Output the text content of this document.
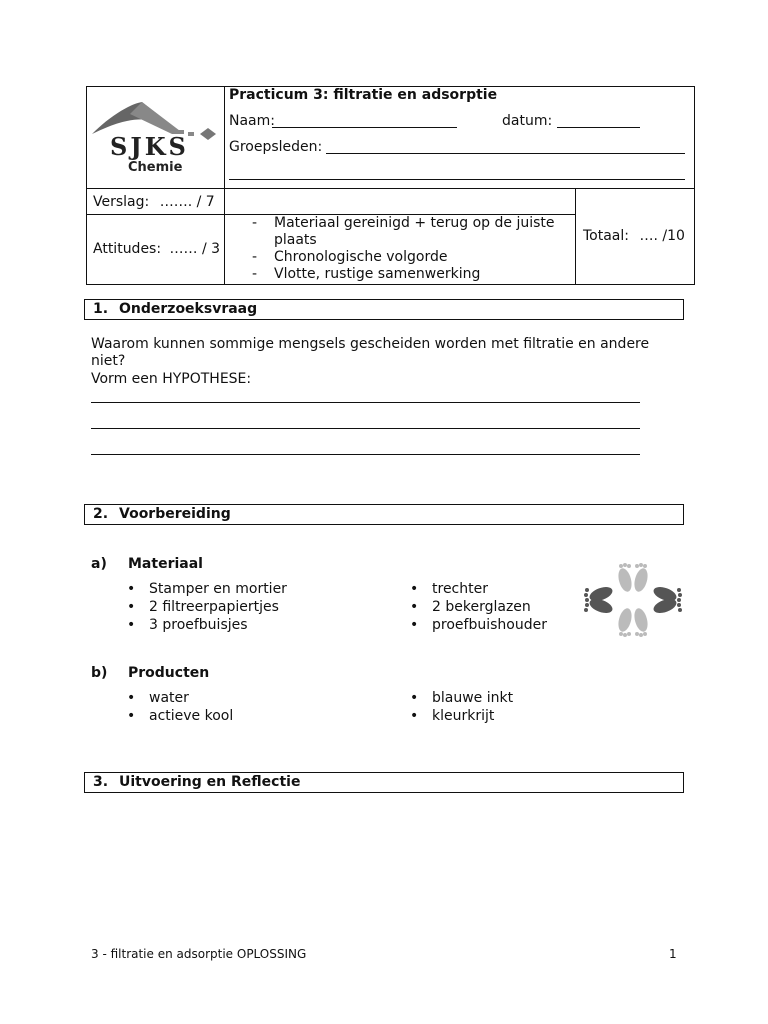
SJKS
Chemie
Practicum 3: filtratie en adsorptie
Naam:	datum:
Groepsleden:
Verslag: ……. / 7
Attitudes: …… / 3
- Materiaal gereinigd + terug op de juiste plaats
- Chronologische volgorde
- Vlotte, rustige samenwerking
Totaal: …. /10
1. Onderzoeksvraag
Waarom kunnen sommige mengsels gescheiden worden met filtratie en andere niet?
Vorm een HYPOTHESE:
2. Voorbereiding
a) Materiaal
• Stamper en mortier
• 2 filtreerpapiertjes
• 3 proefbuisjes
• trechter
• 2 bekerglazen
• proefbuishouder
b) Producten
• water
• actieve kool
• blauwe inkt
• kleurkrijt
3. Uitvoering en Reflectie
3 - filtratie en adsorptie OPLOSSING	1
